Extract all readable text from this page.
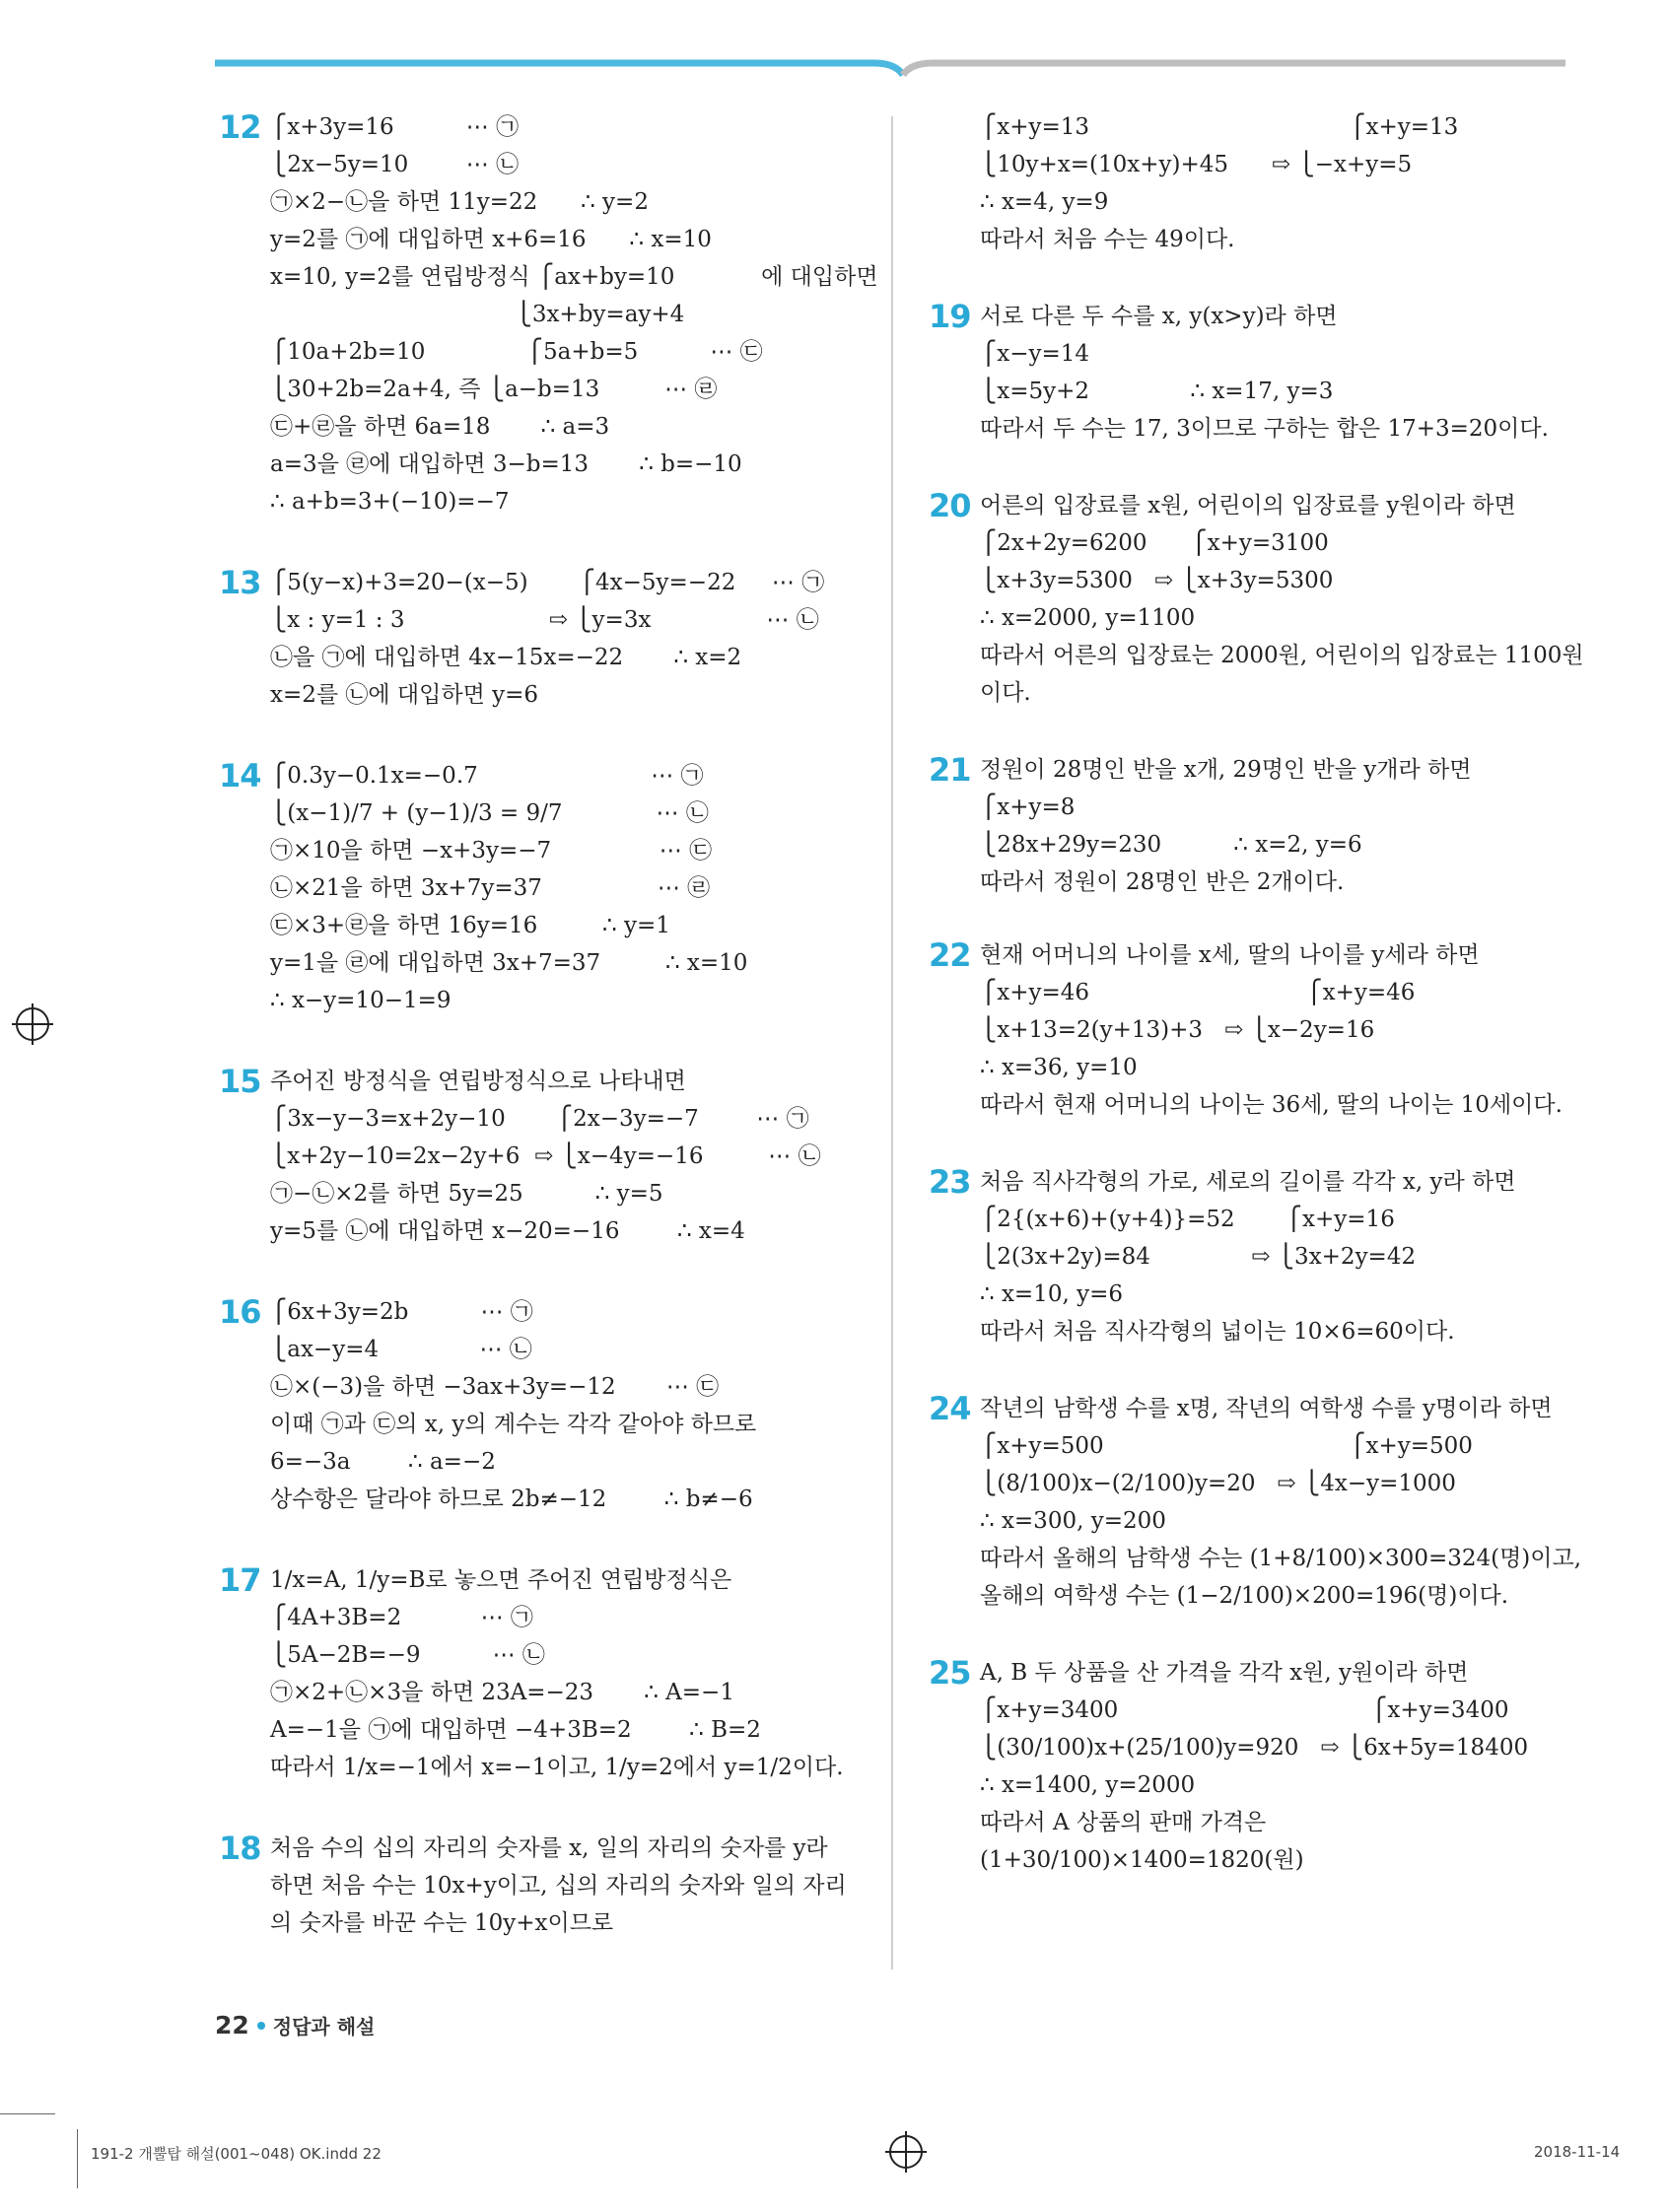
12 ⎧x+3y=16          ⋯ ㉠
⎩2x−5y=10        ⋯ ㉡
㉠×2−㉡을 하면 11y=22      ∴ y=2
y=2를 ㉠에 대입하면 x+6=16      ∴ x=10
x=10, y=2를 연립방정식 ⎧ax+by=10            에 대입하면
⎩3x+by=ay+4
⎧10a+2b=10              ⎧5a+b=5          ⋯ ㉢
⎩30+2b=2a+4, 즉 ⎩a−b=13         ⋯ ㉣
㉢+㉣을 하면 6a=18       ∴ a=3
a=3을 ㉣에 대입하면 3−b=13       ∴ b=−10
∴ a+b=3+(−10)=−7
13 ⎧5(y−x)+3=20−(x−5)       ⎧4x−5y=−22     ⋯ ㉠
⎩x : y=1 : 3                    ⇨ ⎩y=3x                ⋯ ㉡
㉡을 ㉠에 대입하면 4x−15x=−22       ∴ x=2
x=2를 ㉡에 대입하면 y=6
14 ⎧0.3y−0.1x=−0.7                        ⋯ ㉠
⎩(x−1)/7 + (y−1)/3 = 9/7             ⋯ ㉡
㉠×10을 하면 −x+3y=−7               ⋯ ㉢
㉡×21을 하면 3x+7y=37                ⋯ ㉣
㉢×3+㉣을 하면 16y=16         ∴ y=1
y=1을 ㉣에 대입하면 3x+7=37         ∴ x=10
∴ x−y=10−1=9
15 주어진 방정식을 연립방정식으로 나타내면
⎧3x−y−3=x+2y−10       ⎧2x−3y=−7        ⋯ ㉠
⎩x+2y−10=2x−2y+6  ⇨ ⎩x−4y=−16         ⋯ ㉡
㉠−㉡×2를 하면 5y=25          ∴ y=5
y=5를 ㉡에 대입하면 x−20=−16        ∴ x=4
16 ⎧6x+3y=2b          ⋯ ㉠
⎩ax−y=4              ⋯ ㉡
㉡×(−3)을 하면 −3ax+3y=−12       ⋯ ㉢
이때 ㉠과 ㉢의 x, y의 계수는 각각 같아야 하므로
6=−3a        ∴ a=−2
상수항은 달라야 하므로 2b≠−12        ∴ b≠−6
17 1/x=A, 1/y=B로 놓으면 주어진 연립방정식은
⎧4A+3B=2           ⋯ ㉠
⎩5A−2B=−9          ⋯ ㉡
㉠×2+㉡×3을 하면 23A=−23       ∴ A=−1
A=−1을 ㉠에 대입하면 −4+3B=2        ∴ B=2
따라서 1/x=−1에서 x=−1이고, 1/y=2에서 y=1/2이다.
18 처음 수의 십의 자리의 숫자를 x, 일의 자리의 숫자를 y라
하면 처음 수는 10x+y이고, 십의 자리의 숫자와 일의 자리
의 숫자를 바꾼 수는 10y+x이므로
⎧x+y=13                                    ⎧x+y=13
⎩10y+x=(10x+y)+45      ⇨ ⎩−x+y=5
∴ x=4, y=9
따라서 처음 수는 49이다.
19 서로 다른 두 수를 x, y(x>y)라 하면
⎧x−y=14
⎩x=5y+2              ∴ x=17, y=3
따라서 두 수는 17, 3이므로 구하는 합은 17+3=20이다.
20 어른의 입장료를 x원, 어린이의 입장료를 y원이라 하면
⎧2x+2y=6200      ⎧x+y=3100
⎩x+3y=5300   ⇨ ⎩x+3y=5300
∴ x=2000, y=1100
따라서 어른의 입장료는 2000원, 어린이의 입장료는 1100원
이다.
21 정원이 28명인 반을 x개, 29명인 반을 y개라 하면
⎧x+y=8
⎩28x+29y=230          ∴ x=2, y=6
따라서 정원이 28명인 반은 2개이다.
22 현재 어머니의 나이를 x세, 딸의 나이를 y세라 하면
⎧x+y=46                              ⎧x+y=46
⎩x+13=2(y+13)+3   ⇨ ⎩x−2y=16
∴ x=36, y=10
따라서 현재 어머니의 나이는 36세, 딸의 나이는 10세이다.
23 처음 직사각형의 가로, 세로의 길이를 각각 x, y라 하면
⎧2{(x+6)+(y+4)}=52       ⎧x+y=16
⎩2(3x+2y)=84              ⇨ ⎩3x+2y=42
∴ x=10, y=6
따라서 처음 직사각형의 넓이는 10×6=60이다.
24 작년의 남학생 수를 x명, 작년의 여학생 수를 y명이라 하면
⎧x+y=500                                  ⎧x+y=500
⎩(8/100)x−(2/100)y=20   ⇨ ⎩4x−y=1000
∴ x=300, y=200
따라서 올해의 남학생 수는 (1+8/100)×300=324(명)이고,
올해의 여학생 수는 (1−2/100)×200=196(명)이다.
25 A, B 두 상품을 산 가격을 각각 x원, y원이라 하면
⎧x+y=3400                                   ⎧x+y=3400
⎩(30/100)x+(25/100)y=920   ⇨ ⎩6x+5y=18400
∴ x=1400, y=2000
따라서 A 상품의 판매 가격은
(1+30/100)×1400=1820(원)
22 정답과 해설
191-2 개뿔탑 해설(001~048) OK.indd 22	2018-11-14
